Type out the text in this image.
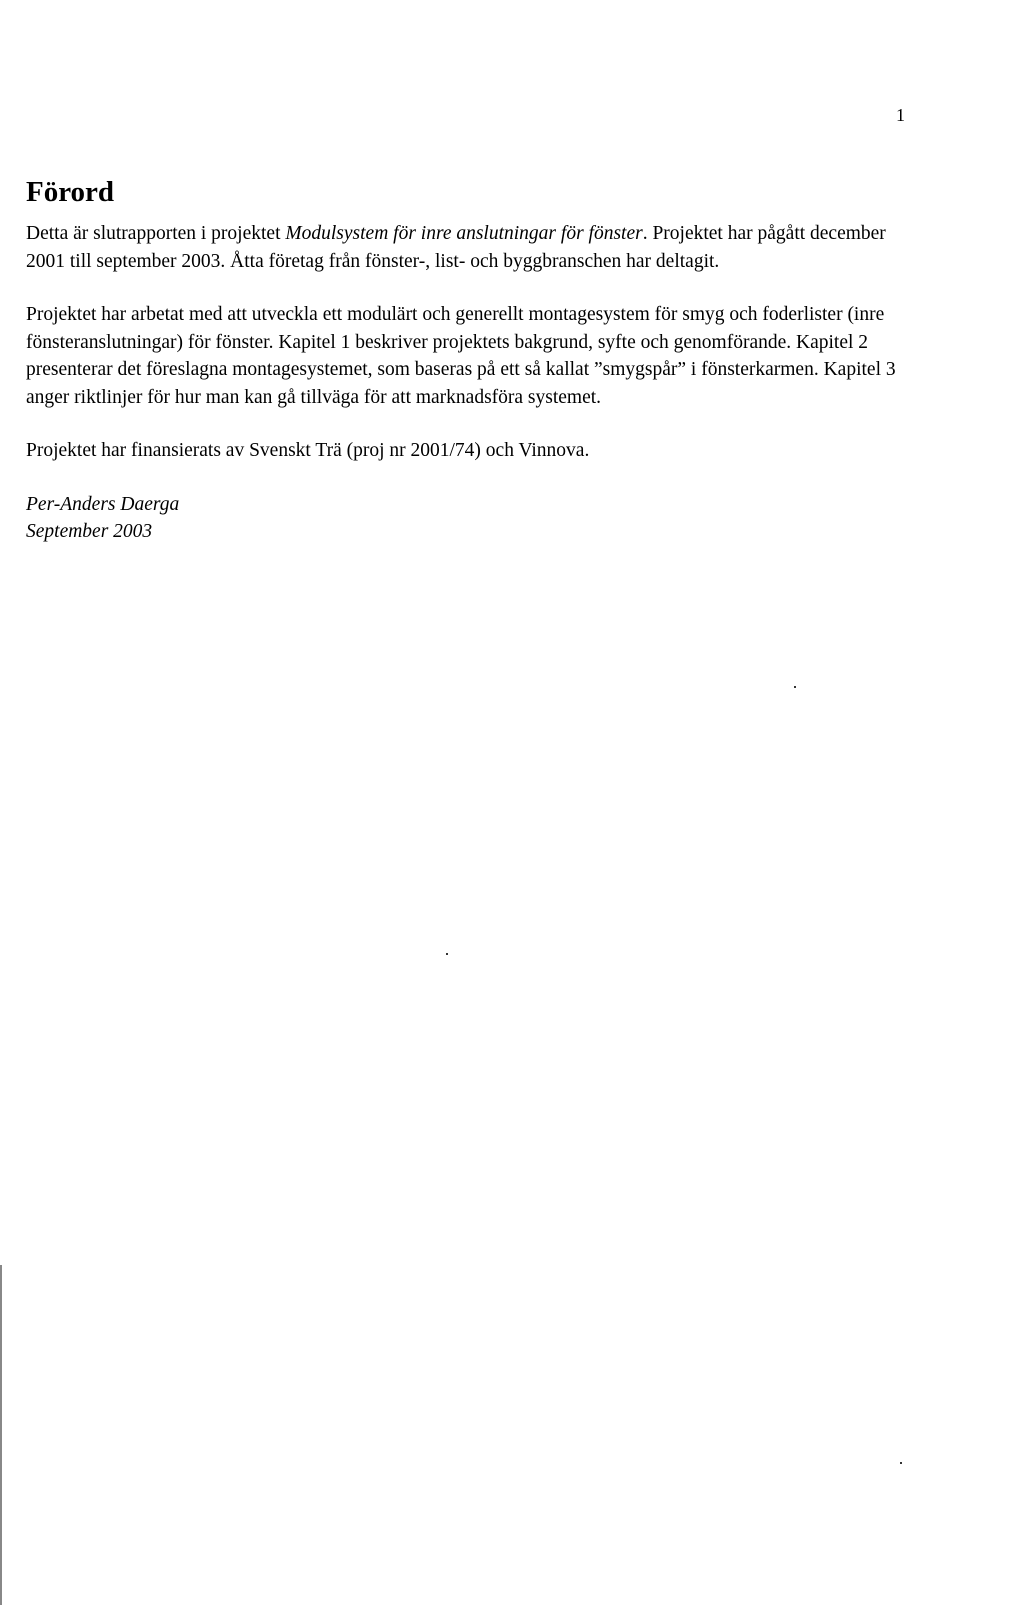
1
Förord

Detta är slutrapporten i projektet Modulsystem för inre anslutningar för fönster. Projektet har pågått december 2001 till september 2003. Åtta företag från fönster-, list- och byggbranschen har deltagit.

Projektet har arbetat med att utveckla ett modulärt och generellt montagesystem för smyg och foderlister (inre fönsteranslutningar) för fönster. Kapitel 1 beskriver projektets bakgrund, syfte och genomförande. Kapitel 2 presenterar det föreslagna montagesystemet, som baseras på ett så kallat ”smygspår” i fönsterkarmen. Kapitel 3 anger riktlinjer för hur man kan gå tillväga för att marknadsföra systemet.

Projektet har finansierats av Svenskt Trä (proj nr 2001/74) och Vinnova.

Per-Anders Daerga

September 2003
